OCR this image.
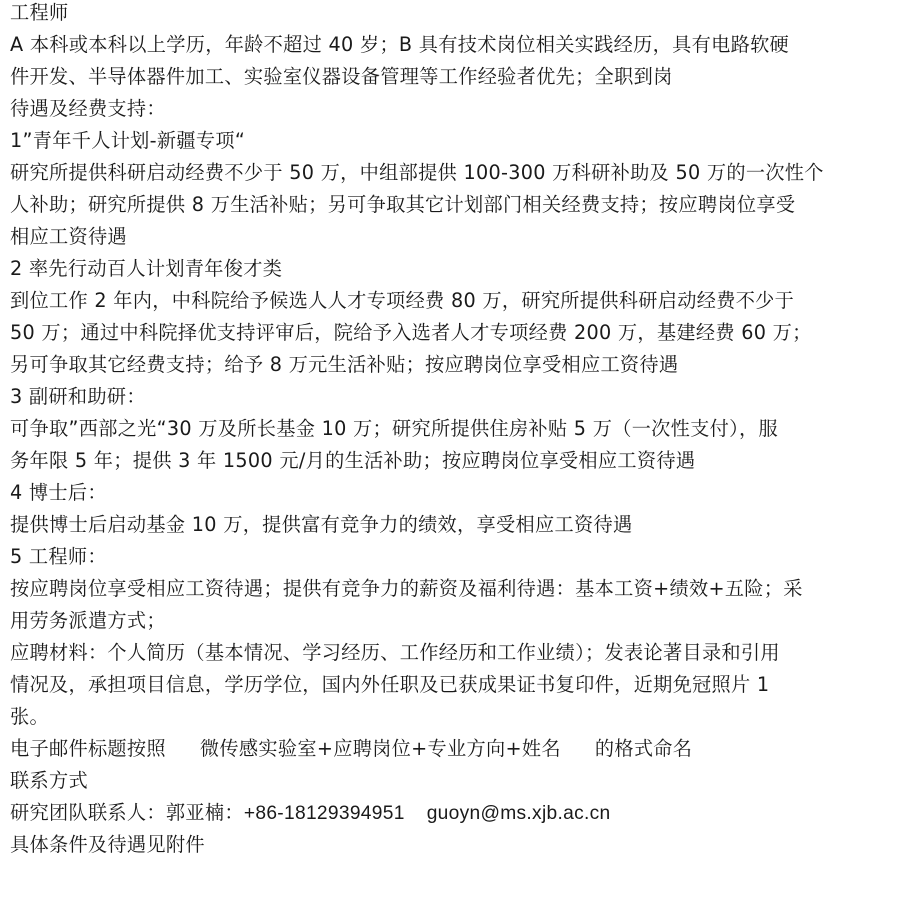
工程师
A 本科或本科以上学历，年龄不超过 40 岁；B 具有技术岗位相关实践经历，具有电路软硬
件开发、半导体器件加工、实验室仪器设备管理等工作经验者优先；全职到岗
待遇及经费支持：
1”青年千人计划-新疆专项“
研究所提供科研启动经费不少于 50 万，中组部提供 100-300 万科研补助及 50 万的一次性个
人补助；研究所提供 8 万生活补贴；另可争取其它计划部门相关经费支持；按应聘岗位享受
相应工资待遇
2 率先行动百人计划青年俊才类
到位工作 2 年内，中科院给予候选人人才专项经费 80 万，研究所提供科研启动经费不少于
50 万；通过中科院择优支持评审后，院给予入选者人才专项经费 200 万，基建经费 60 万；
另可争取其它经费支持；给予 8 万元生活补贴；按应聘岗位享受相应工资待遇
3 副研和助研：
可争取”西部之光“30 万及所长基金 10 万；研究所提供住房补贴 5 万（一次性支付），服
务年限 5 年；提供 3 年 1500 元/月的生活补助；按应聘岗位享受相应工资待遇
4 博士后：
提供博士后启动基金 10 万，提供富有竞争力的绩效，享受相应工资待遇
5 工程师：
按应聘岗位享受相应工资待遇；提供有竞争力的薪资及福利待遇：基本工资+绩效+五险；采
用劳务派遣方式；
应聘材料：个人简历（基本情况、学习经历、工作经历和工作业绩）；发表论著目录和引用
情况及，承担项目信息，学历学位，国内外任职及已获成果证书复印件，近期免冠照片 1
张。
电子邮件标题按照 微传感实验室+应聘岗位+专业方向+姓名 的格式命名
联系方式
研究团队联系人：郭亚楠：+86-18129394951 guoyn@ms.xjb.ac.cn
具体条件及待遇见附件
